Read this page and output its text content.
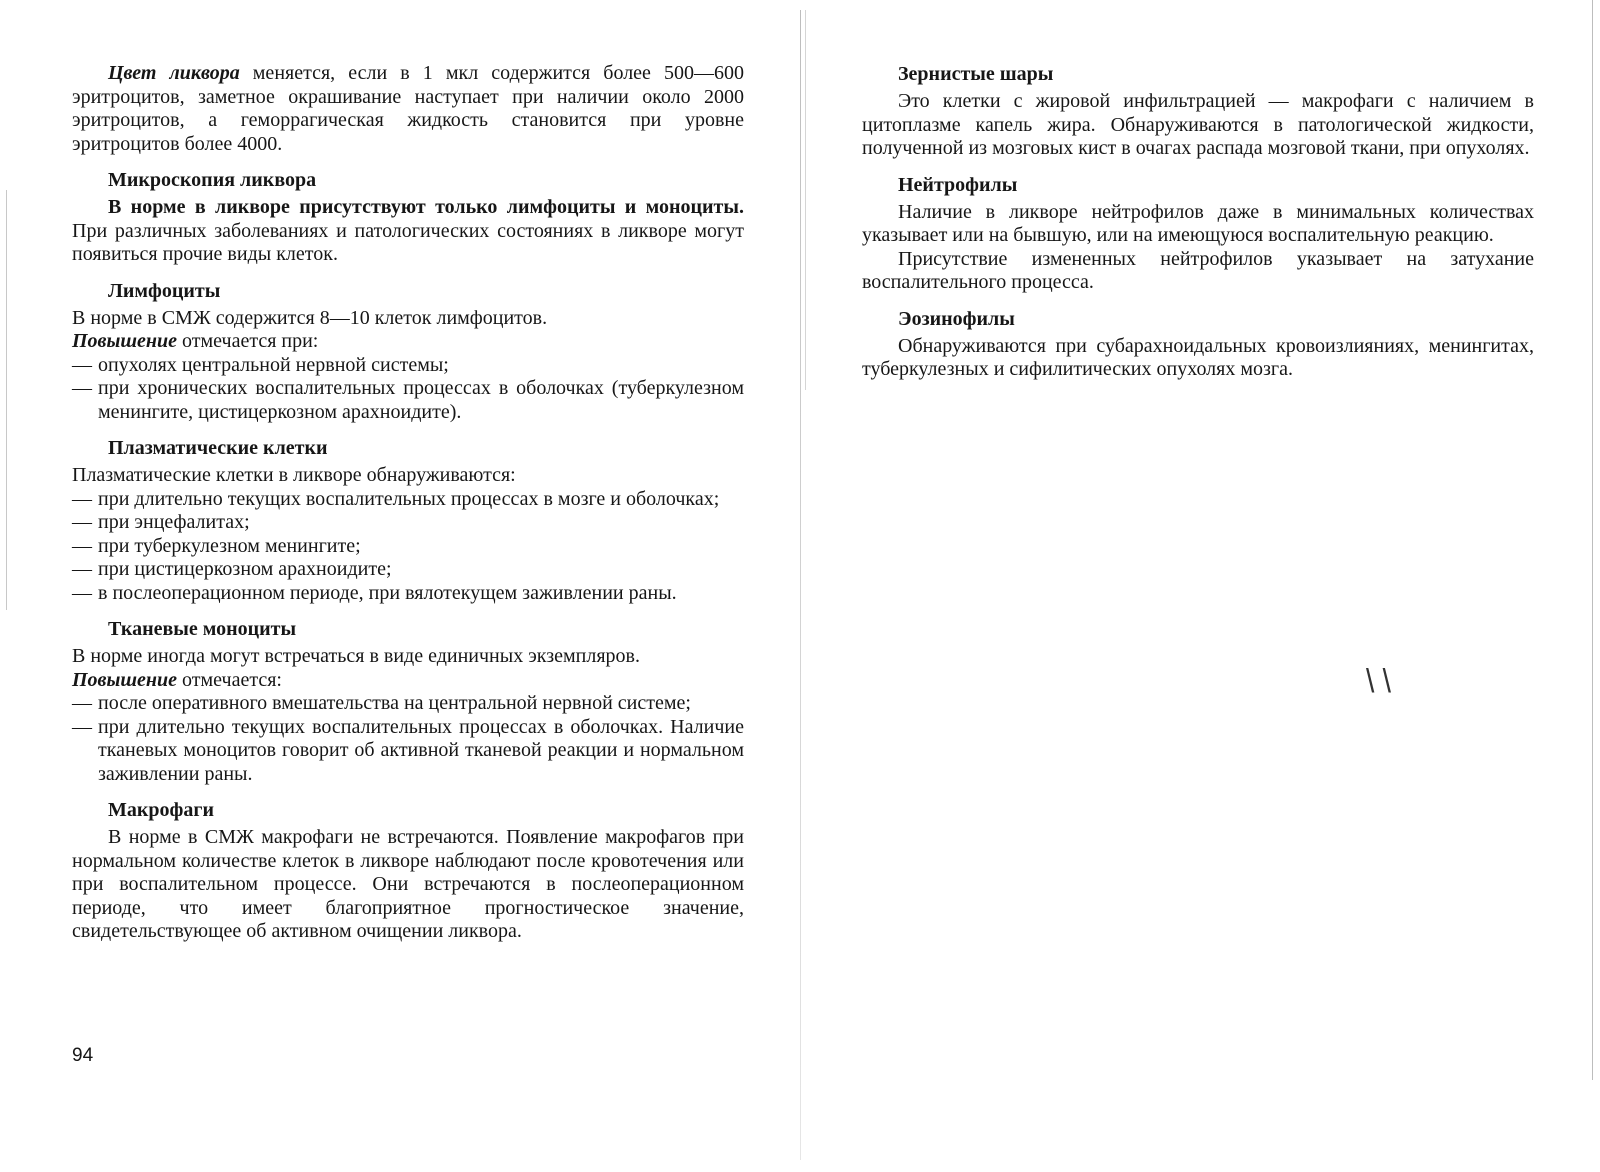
Цвет ликвора меняется, если в 1 мкл содержится более 500—600 эритроцитов, заметное окрашивание наступает при наличии около 2000 эритроцитов, а геморрагическая жидкость становится при уровне эритроцитов более 4000.

Микроскопия ликвора

В норме в ликворе присутствуют только лимфоциты и моноциты. При различных заболеваниях и патологических состояниях в ликворе могут появиться прочие виды клеток.

Лимфоциты

В норме в СМЖ содержится 8—10 клеток лимфоцитов.

Повышение отмечается при:

— опухолях центральной нервной системы;

— при хронических воспалительных процессах в оболочках (туберкулезном менингите, цистицеркозном арахноидите).

Плазматические клетки

Плазматические клетки в ликворе обнаруживаются:

— при длительно текущих воспалительных процессах в мозге и оболочках;

— при энцефалитах;

— при туберкулезном менингите;

— при цистицеркозном арахноидите;

— в послеоперационном периоде, при вялотекущем заживлении раны.

Тканевые моноциты

В норме иногда могут встречаться в виде единичных экземпляров.

Повышение отмечается:

— после оперативного вмешательства на центральной нервной системе;

— при длительно текущих воспалительных процессах в оболочках. Наличие тканевых моноцитов говорит об активной тканевой реакции и нормальном заживлении раны.

Макрофаги

В норме в СМЖ макрофаги не встречаются. Появление макрофагов при нормальном количестве клеток в ликворе наблюдают после кровотечения или при воспалительном процессе. Они встречаются в послеоперационном периоде, что имеет благоприятное прогностическое значение, свидетельствующее об активном очищении ликвора.

94
Зернистые шары

Это клетки с жировой инфильтрацией — макрофаги с наличием в цитоплазме капель жира. Обнаруживаются в патологической жидкости, полученной из мозговых кист в очагах распада мозговой ткани, при опухолях.

Нейтрофилы

Наличие в ликворе нейтрофилов даже в минимальных количествах указывает или на бывшую, или на имеющуюся воспалительную реакцию.

Присутствие измененных нейтрофилов указывает на затухание воспалительного процесса.

Эозинофилы

Обнаруживаются при субарахноидальных кровоизлияниях, менингитах, туберкулезных и сифилитических опухолях мозга.

\ \
